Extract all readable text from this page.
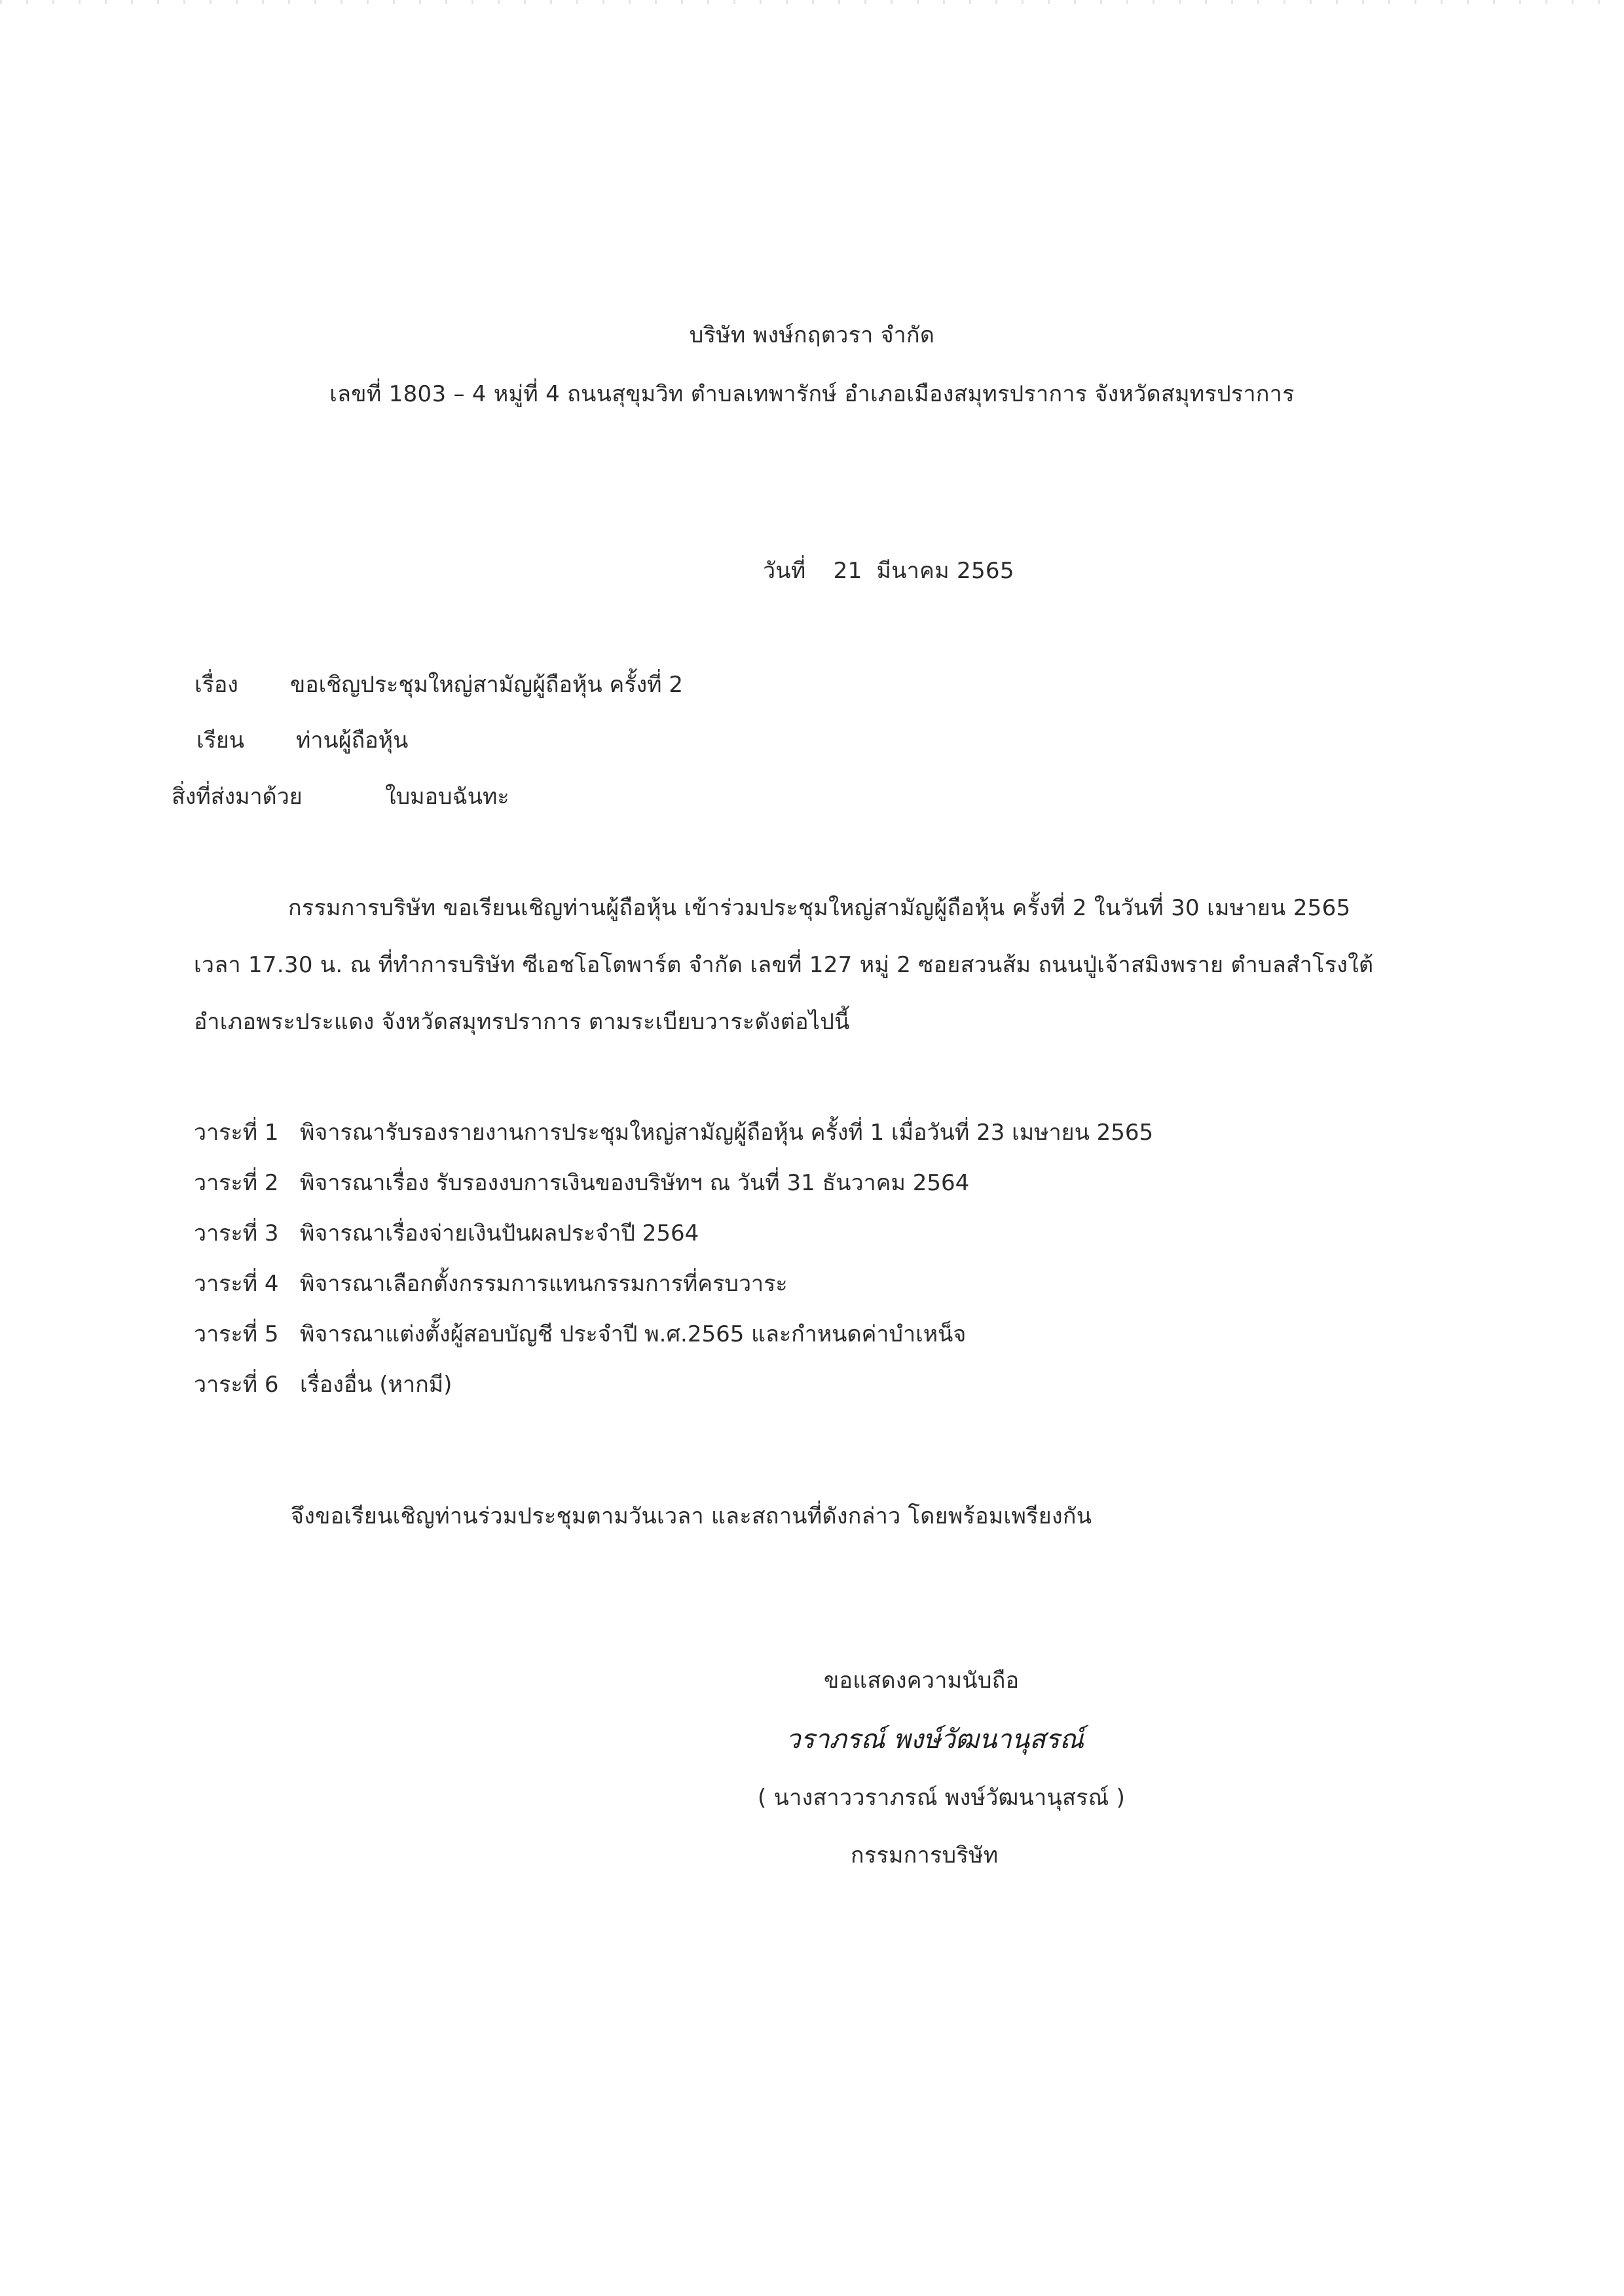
บริษัท พงษ์กฤตวรา จำกัด
เลขที่ 1803 – 4 หมู่ที่ 4 ถนนสุขุมวิท ตำบลเทพารักษ์ อำเภอเมืองสมุทรปราการ จังหวัดสมุทรปราการ
วันที่ 21 มีนาคม 2565
เรื่อง ขอเชิญประชุมใหญ่สามัญผู้ถือหุ้น ครั้งที่ 2
เรียน ท่านผู้ถือหุ้น
สิ่งที่ส่งมาด้วย	ใบมอบฉันทะ
กรรมการบริษัท ขอเรียนเชิญท่านผู้ถือหุ้น เข้าร่วมประชุมใหญ่สามัญผู้ถือหุ้น ครั้งที่ 2 ในวันที่ 30 เมษายน 2565
เวลา 17.30 น. ณ ที่ทำการบริษัท ซีเอชโอโตพาร์ต จำกัด เลขที่ 127 หมู่ 2 ซอยสวนส้ม ถนนปู่เจ้าสมิงพราย ตำบลสำโรงใต้
อำเภอพระประแดง จังหวัดสมุทรปราการ ตามระเบียบวาระดังต่อไปนี้
วาระที่ 1 พิจารณารับรองรายงานการประชุมใหญ่สามัญผู้ถือหุ้น ครั้งที่ 1 เมื่อวันที่ 23 เมษายน 2565
วาระที่ 2 พิจารณาเรื่อง รับรองงบการเงินของบริษัทฯ ณ วันที่ 31 ธันวาคม 2564
วาระที่ 3 พิจารณาเรื่องจ่ายเงินปันผลประจำปี 2564
วาระที่ 4 พิจารณาเลือกตั้งกรรมการแทนกรรมการที่ครบวาระ
วาระที่ 5 พิจารณาแต่งตั้งผู้สอบบัญชี ประจำปี พ.ศ.2565 และกำหนดค่าบำเหน็จ
วาระที่ 6 เรื่องอื่น (หากมี)
จึงขอเรียนเชิญท่านร่วมประชุมตามวันเวลา และสถานที่ดังกล่าว โดยพร้อมเพรียงกัน
ขอแสดงความนับถือ
วราภรณ์ พงษ์วัฒนานุสรณ์
( นางสาววราภรณ์ พงษ์วัฒนานุสรณ์ )
กรรมการบริษัท
